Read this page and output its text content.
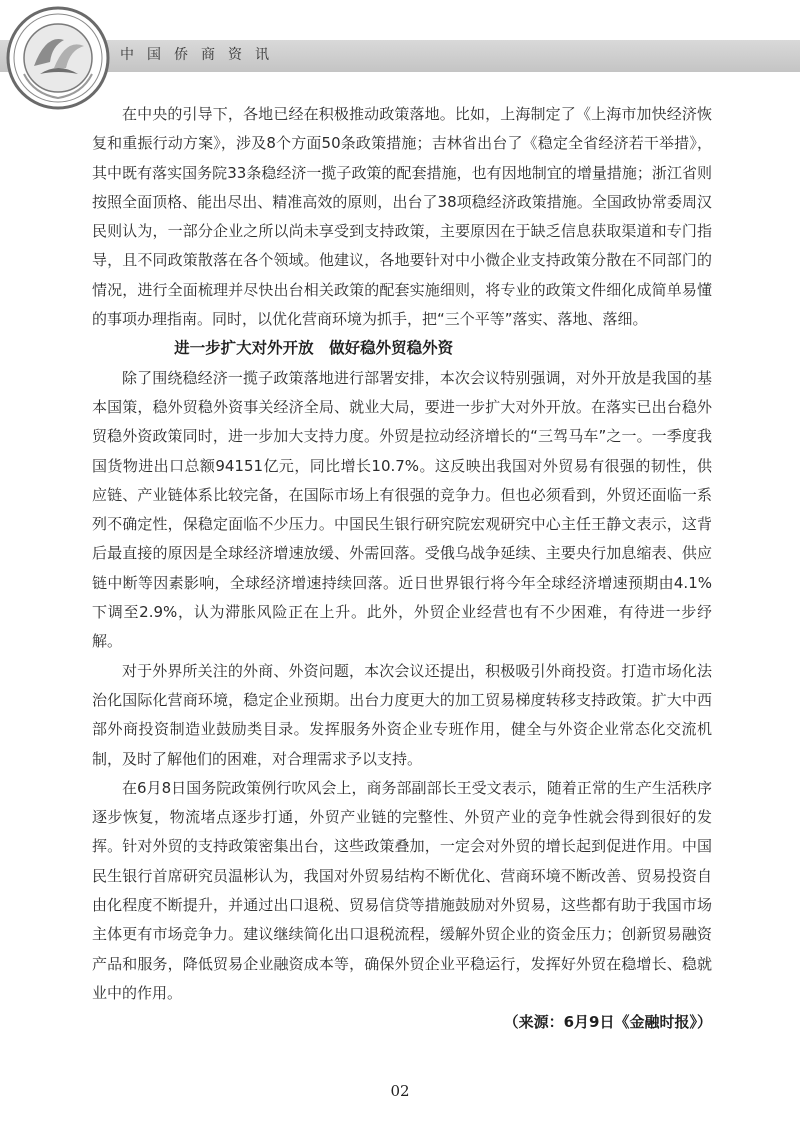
中国侨商资讯

在中央的引导下，各地已经在积极推动政策落地。比如，上海制定了《上海市加快经济恢复和重振行动方案》，涉及8个方面50条政策措施；吉林省出台了《稳定全省经济若干举措》，其中既有落实国务院33条稳经济一揽子政策的配套措施，也有因地制宜的增量措施；浙江省则按照全面顶格、能出尽出、精准高效的原则，出台了38项稳经济政策措施。全国政协常委周汉民则认为，一部分企业之所以尚未享受到支持政策，主要原因在于缺乏信息获取渠道和专门指导，且不同政策散落在各个领域。他建议，各地要针对中小微企业支持政策分散在不同部门的情况，进行全面梳理并尽快出台相关政策的配套实施细则，将专业的政策文件细化成简单易懂的事项办理指南。同时，以优化营商环境为抓手，把“三个平等”落实、落地、落细。

进一步扩大对外开放　做好稳外贸稳外资

除了围绕稳经济一揽子政策落地进行部署安排，本次会议特别强调，对外开放是我国的基本国策，稳外贸稳外资事关经济全局、就业大局，要进一步扩大对外开放。在落实已出台稳外贸稳外资政策同时，进一步加大支持力度。外贸是拉动经济增长的“三驾马车”之一。一季度我国货物进出口总额94151亿元，同比增长10.7%。这反映出我国对外贸易有很强的韧性，供应链、产业链体系比较完备，在国际市场上有很强的竞争力。但也必须看到，外贸还面临一系列不确定性，保稳定面临不少压力。中国民生银行研究院宏观研究中心主任王静文表示，这背后最直接的原因是全球经济增速放缓、外需回落。受俄乌战争延续、主要央行加息缩表、供应链中断等因素影响，全球经济增速持续回落。近日世界银行将今年全球经济增速预期由4.1%下调至2.9%，认为滞胀风险正在上升。此外，外贸企业经营也有不少困难，有待进一步纾解。

对于外界所关注的外商、外资问题，本次会议还提出，积极吸引外商投资。打造市场化法治化国际化营商环境，稳定企业预期。出台力度更大的加工贸易梯度转移支持政策。扩大中西部外商投资制造业鼓励类目录。发挥服务外资企业专班作用，健全与外资企业常态化交流机制，及时了解他们的困难，对合理需求予以支持。

在6月8日国务院政策例行吹风会上，商务部副部长王受文表示，随着正常的生产生活秩序逐步恢复，物流堵点逐步打通，外贸产业链的完整性、外贸产业的竞争性就会得到很好的发挥。针对外贸的支持政策密集出台，这些政策叠加，一定会对外贸的增长起到促进作用。中国民生银行首席研究员温彬认为，我国对外贸易结构不断优化、营商环境不断改善、贸易投资自由化程度不断提升，并通过出口退税、贸易信贷等措施鼓励对外贸易，这些都有助于我国市场主体更有市场竞争力。建议继续简化出口退税流程，缓解外贸企业的资金压力；创新贸易融资产品和服务，降低贸易企业融资成本等，确保外贸企业平稳运行，发挥好外贸在稳增长、稳就业中的作用。

（来源：6月9日《金融时报》）

02
